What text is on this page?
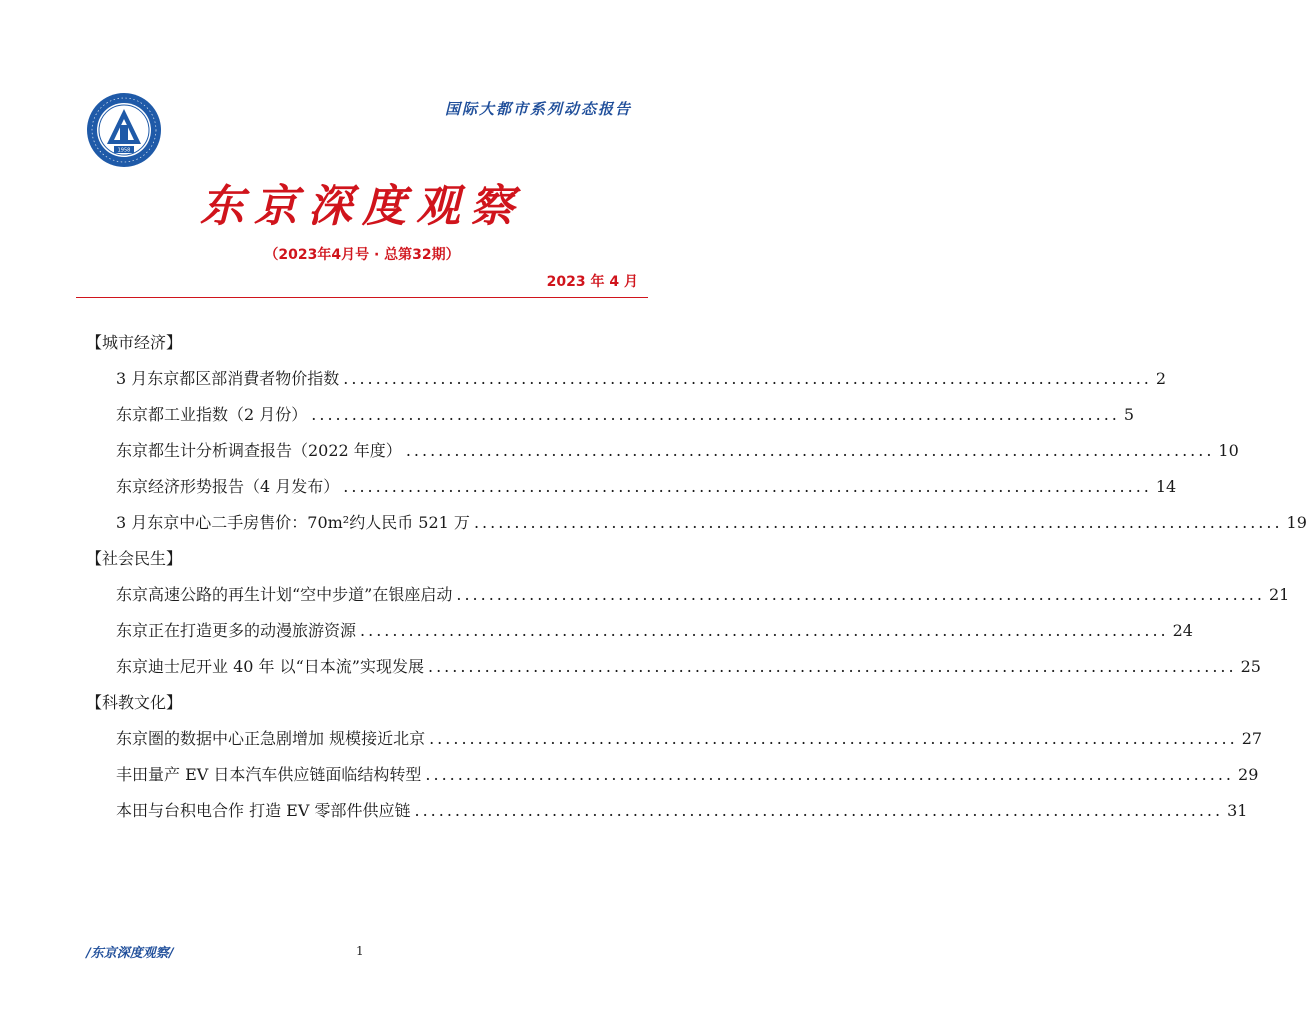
1958
国际大都市系列动态报告
东京深度观察
（2023年4月号 · 总第32期）
2023 年 4 月
【城市经济】
3 月东京都区部消費者物价指数 .................................................................................................... 2
东京都工业指数（2 月份） .................................................................................................... 5
东京都生计分析调查报告（2022 年度） .................................................................................................... 10
东京经济形势报告（4 月发布） .................................................................................................... 14
3 月东京中心二手房售价：70m²约人民币 521 万 .................................................................................................... 19
【社会民生】
东京高速公路的再生计划“空中步道”在银座启动 .................................................................................................... 21
东京正在打造更多的动漫旅游资源 .................................................................................................... 24
东京迪士尼开业 40 年 以“日本流”实现发展 .................................................................................................... 25
【科教文化】
东京圏的数据中心正急剧增加 规模接近北京 .................................................................................................... 27
丰田量产 EV 日本汽车供应链面临结构转型 .................................................................................................... 29
本田与台积电合作 打造 EV 零部件供应链 .................................................................................................... 31
/东京深度观察/	1
